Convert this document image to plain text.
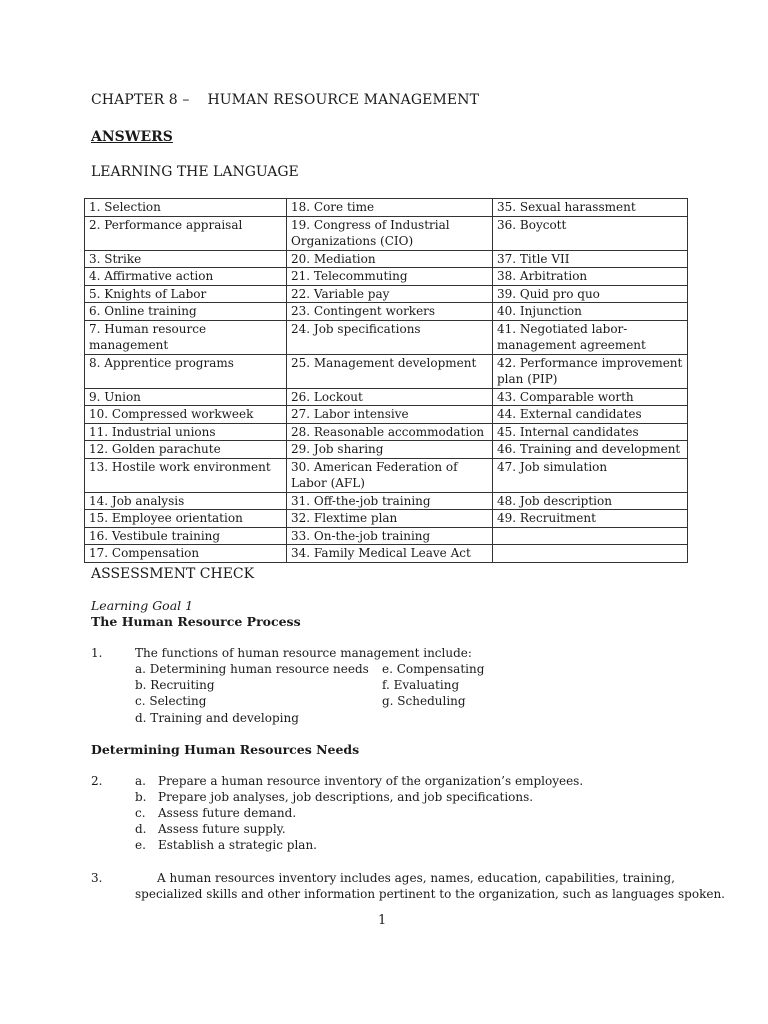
CHAPTER 8 – HUMAN RESOURCE MANAGEMENT
ANSWERS
LEARNING THE LANGUAGE
1. Selection	18. Core time	35. Sexual harassment
2. Performance appraisal	19. Congress of Industrial Organizations (CIO)	36. Boycott
3. Strike	20. Mediation	37. Title VII
4. Affirmative action	21. Telecommuting	38. Arbitration
5. Knights of Labor	22. Variable pay	39. Quid pro quo
6. Online training	23. Contingent workers	40. Injunction
7. Human resource management	24. Job specifications	41. Negotiated labor-management agreement
8. Apprentice programs	25. Management development	42. Performance improvement plan (PIP)
9. Union	26. Lockout	43. Comparable worth
10. Compressed workweek	27. Labor intensive	44. External candidates
11. Industrial unions	28. Reasonable accommodation	45. Internal candidates
12. Golden parachute	29. Job sharing	46. Training and development
13. Hostile work environment	30. American Federation of Labor (AFL)	47. Job simulation
14. Job analysis	31. Off-the-job training	48. Job description
15. Employee orientation	32. Flextime plan	49. Recruitment
16. Vestibule training	33. On-the-job training	
17. Compensation	34. Family Medical Leave Act	
ASSESSMENT CHECK
Learning Goal 1
The Human Resource Process
1.	The functions of human resource management include:
a. Determining human resource needs
b. Recruiting
c. Selecting
d. Training and developing
e. Compensating
f. Evaluating
g. Scheduling
Determining Human Resources Needs
2.	a. Prepare a human resource inventory of the organization’s employees.
b. Prepare job analyses, job descriptions, and job specifications.
c. Assess future demand.
d. Assess future supply.
e. Establish a strategic plan.
3.	A human resources inventory includes ages, names, education, capabilities, training,
specialized skills and other information pertinent to the organization, such as languages spoken.
1
